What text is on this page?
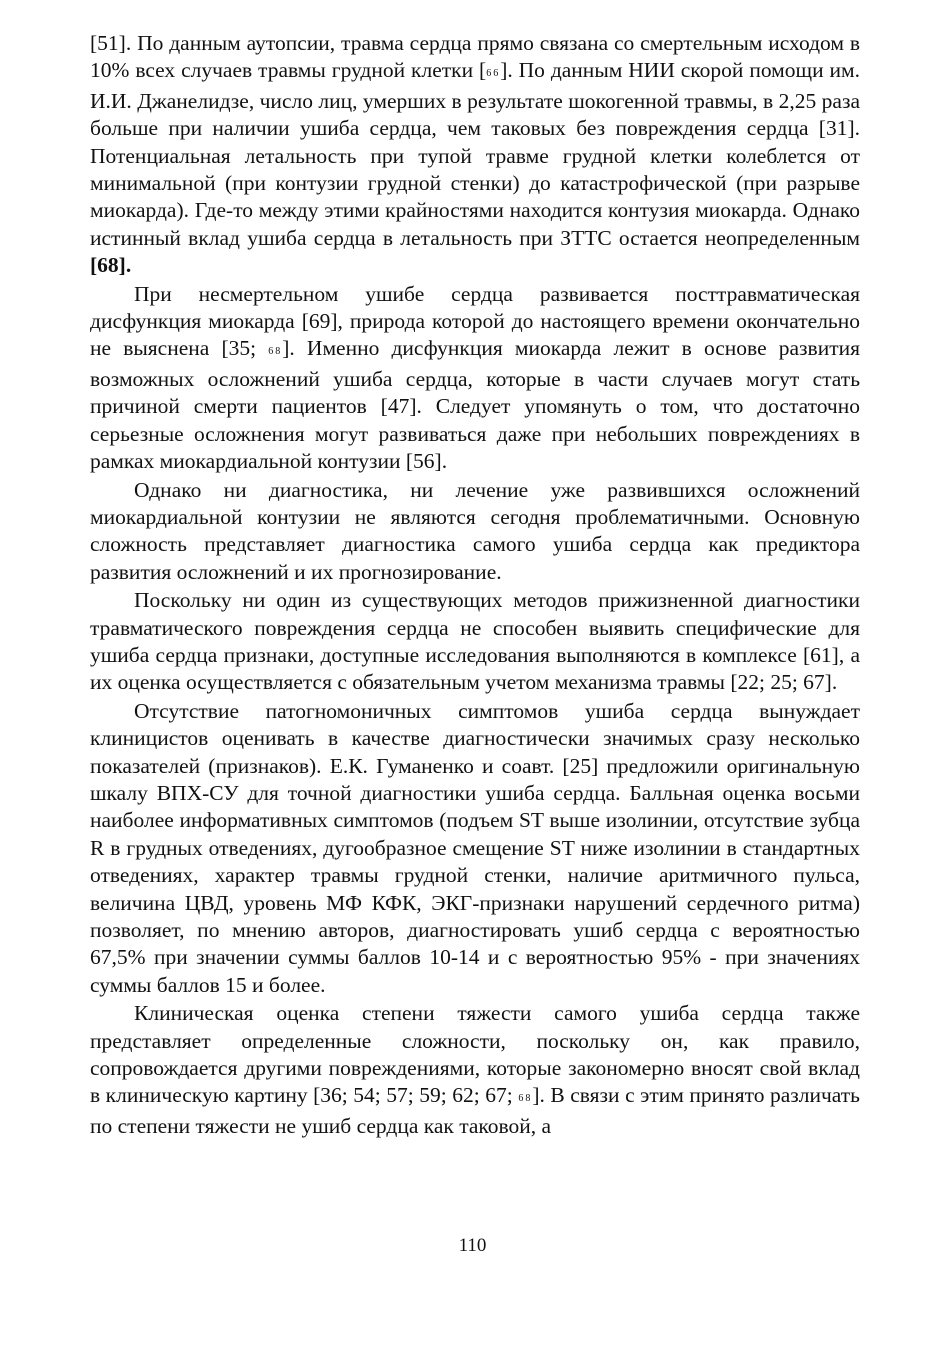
[51]. По данным аутопсии, травма сердца прямо связана со смертельным исходом в 10% всех случаев травмы грудной клетки [66]. По данным НИИ скорой помощи им. И.И. Джанелидзе, число лиц, умерших в результате шокогенной травмы, в 2,25 раза больше при наличии ушиба сердца, чем таковых без повреждения сердца [31]. Потенциальная летальность при тупой травме грудной клетки колеблется от минимальной (при контузии грудной стенки) до катастрофической (при разрыве миокарда). Где-то между этими крайностями находится контузия миокарда. Однако истинный вклад ушиба сердца в летальность при ЗТТС остается неопределенным [68].

При несмертельном ушибе сердца развивается посттравматическая дисфункция миокарда [69], природа которой до настоящего времени окончательно не выяснена [35; 68]. Именно дисфункция миокарда лежит в основе развития возможных осложнений ушиба сердца, которые в части случаев могут стать причиной смерти пациентов [47]. Следует упомянуть о том, что достаточно серьезные осложнения могут развиваться даже при небольших повреждениях в рамках миокардиальной контузии [56].

Однако ни диагностика, ни лечение уже развившихся осложнений миокардиальной контузии не являются сегодня проблематичными. Основную сложность представляет диагностика самого ушиба сердца как предиктора развития осложнений и их прогнозирование.

Поскольку ни один из существующих методов прижизненной диагностики травматического повреждения сердца не способен выявить специфические для ушиба сердца признаки, доступные исследования выполняются в комплексе [61], а их оценка осуществляется с обязательным учетом механизма травмы [22; 25; 67].

Отсутствие патогномоничных симптомов ушиба сердца вынуждает клиницистов оценивать в качестве диагностически значимых сразу несколько показателей (признаков). Е.К. Гуманенко и соавт. [25] предложили оригинальную шкалу ВПХ-СУ для точной диагностики ушиба сердца. Балльная оценка восьми наиболее информативных симптомов (подъем ST выше изолинии, отсутствие зубца R в грудных отведениях, дугообразное смещение ST ниже изолинии в стандартных отведениях, характер травмы грудной стенки, наличие аритмичного пульса, величина ЦВД, уровень МФ КФК, ЭКГ-признаки нарушений сердечного ритма) позволяет, по мнению авторов, диагностировать ушиб сердца с вероятностью 67,5% при значении суммы баллов 10-14 и с вероятностью 95% - при значениях суммы баллов 15 и более.

Клиническая оценка степени тяжести самого ушиба сердца также представляет определенные сложности, поскольку он, как правило, сопровождается другими повреждениями, которые закономерно вносят свой вклад в клиническую картину [36; 54; 57; 59; 62; 67; 68]. В связи с этим принято различать по степени тяжести не ушиб сердца как таковой, а

110
